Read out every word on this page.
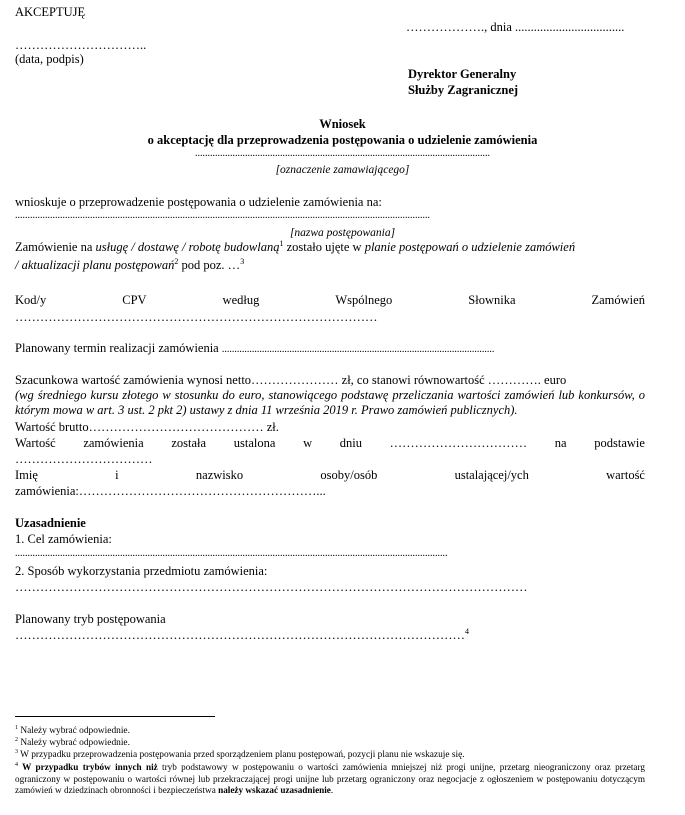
AKCEPTUJĘ
………………., dnia ...................................
…………………………..
(data, podpis)
Dyrektor Generalny
Służby Zagranicznej
Wniosek
o akceptację dla przeprowadzenia postępowania o udzielenie zamówienia
......................................................................................................................
[oznaczenie zamawiającego]
wnioskuje o przeprowadzenie postępowania o udzielenie zamówienia na:
......................................................................................................................................................................
[nazwa postępowania]
Zamówienie na usługę / dostawę / robotę budowlaną$^1$ zostało ujęte w planie postępowań o udzielenie zamówień
/ aktualizacji planu postępowań$^2$ pod poz. …$^3$
Kod/y	CPV	według	Wspólnego	Słownika	Zamówień
……………………………………………………………………………
Planowany termin realizacji zamówienia .............................................................................................................
Szacunkowa wartość zamówienia wynosi netto………………… zł, co stanowi równowartość …………. euro
(wg średniego kursu złotego w stosunku do euro, stanowiącego podstawę przeliczania wartości zamówień lub konkursów, o którym mowa w art. 3 ust. 2 pkt 2) ustawy z dnia 11 września 2019 r. Prawo zamówień publicznych).
Wartość brutto…………………………………… zł.
Wartość zamówienia została ustalona w dniu …………………………… na podstawie
……………………………
Imię	i	nazwisko	osoby/osób	ustalającej/ych	wartość
zamówienia:…………………………………………………...
Uzasadnienie
1. Cel zamówienia:
.............................................................................................................................................................................
2. Sposób wykorzystania przedmiotu zamówienia:
……………………………………………………………………………………………………………
Planowany tryb postępowania
………………………………………………………………………………………………$^4$
$^1$ Należy wybrać odpowiednie.
$^2$ Należy wybrać odpowiednie.
$^3$ W przypadku przeprowadzenia postępowania przed sporządzeniem planu postępowań, pozycji planu nie wskazuje się.
$^4$ W przypadku trybów innych niż tryb podstawowy w postępowaniu o wartości zamówienia mniejszej niż progi unijne, przetarg nieograniczony oraz przetarg ograniczony w postępowaniu o wartości równej lub przekraczającej progi unijne lub przetarg ograniczony oraz negocjacje z ogłoszeniem w postępowaniu dotyczącym zamówień w dziedzinach obronności i bezpieczeństwa należy wskazać uzasadnienie.
